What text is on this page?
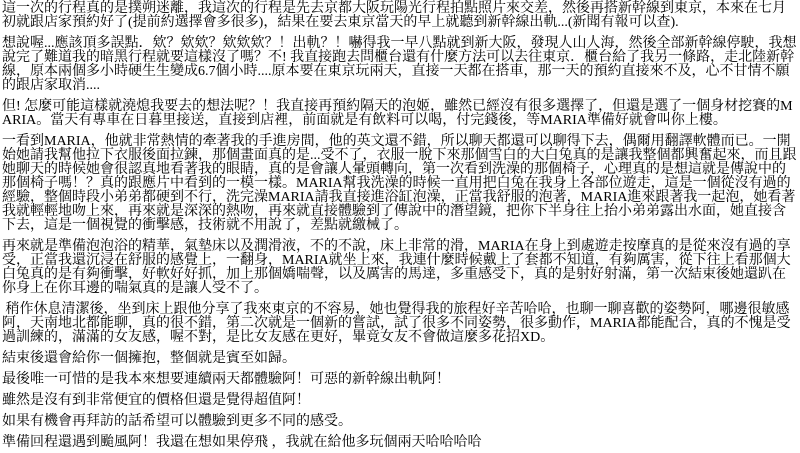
這一次的行程真的是撲朔迷離，我這次的行程是先去京都大阪玩陽光行程拍點照片來交差，然後再搭新幹線到東京，本來在七月初就跟店家預約好了(提前約選擇會多很多)，結果在要去東京當天的早上就聽到新幹線出軌...(新聞有報可以查).

想說喔...應該頂多誤點．欸？欸欸？欸欸欸？！出軌？！嚇得我一早八點就到新大阪，發現人山人海，然後全部新幹線停駛，我想說完了難道我的暗黑行程就要這樣沒了嗎？不! 我直接跑去問櫃台還有什麼方法可以去往東京．櫃台給了我另一條路，走北陸新幹線，原本兩個多小時硬生生變成6.7個小時....原本要在東京玩兩天，直接一天都在搭車，那一天的預約直接來不及，心不甘情不願的跟店家取消....

但! 怎麼可能這樣就澆熄我要去的想法呢？！我直接再預約隔天的泡姬，雖然已經沒有很多選擇了，但還是選了一個身材挖賽的MARIA。當天有專車在日暮里接送，直接到店裡，前面就是有飲料可以喝，付完錢後，等MARIA準備好就會叫你上樓。

一看到MARIA，他就非常熱情的牽著我的手進房間，他的英文還不錯，所以聊天都還可以聊得下去，偶爾用翻譯軟體而已。一開始她請我幫他拉下衣服後面拉鍊，那個畫面真的是...受不了，衣服一脫下來那個雪白的大白兔真的是讓我整個都興奮起來，而且跟她聊天的時候她會很認真地看著我的眼睛，真的是會讓人暈頭轉向，第一次看到洗澡的那個椅子，心理真的是想這就是傳說中的那個椅子嗎！？真的跟應片中看到的一模一樣。MARIA幫我洗澡的時候一直用把白兔在我身上各部位遊走，這是一個從沒有過的經驗，整個時段小弟弟都硬到不行，洗完澡MARIA請我直接進浴缸泡澡，正當我舒服的泡著，MARIA進來跟著我一起泡，她看著我就輕輕地吻上來，再來就是深深的熱吻，再來就直接體驗到了傳說中的潛望鏡，把你下半身往上抬小弟弟露出水面，她直接含下去，這是一個視覺的衝擊感，技術就不用說了，差點就繳械了。

再來就是準備泡泡浴的精華，氣墊床以及潤滑液，不的不說，床上非常的滑，MARIA在身上到處遊走按摩真的是從來沒有過的享受，正當我還沉浸在舒服的感覺上，一翻身，MARIA就坐上來，我連什麼時候戴上了套都不知道，有夠厲害，從下往上看那個大白兔真的是有夠衝擊，好軟好好抓，加上那個嬌喘聲，以及厲害的馬達，多重感受下，真的是射好射滿，第一次結束後她還趴在你身上在你耳邊的喘氣真的是讓人受不了。

稍作休息清潔後，坐到床上跟他分享了我來東京的不容易，她也覺得我的旅程好辛苦哈哈，也聊一聊喜歡的姿勢阿，哪邊很敏感阿，天南地北都能聊，真的很不錯，第二次就是一個新的嘗試，試了很多不同姿勢，很多動作，MARIA都能配合，真的不愧是受過訓練的，滿滿的女友感，喔不對，是比女友感在更好，畢竟女友不會做這麼多花招XD。

結束後還會給你一個擁抱，整個就是賓至如歸。

最後唯一可惜的是我本來想要連續兩天都體驗阿！可惡的新幹線出軌阿！

雖然是沒有到非常便宜的價格但還是覺得超值阿！

如果有機會再拜訪的話希望可以體驗到更多不同的感受。

準備回程還遇到颱風阿！我還在想如果停飛 ，我就在給他多玩個兩天哈哈哈哈
